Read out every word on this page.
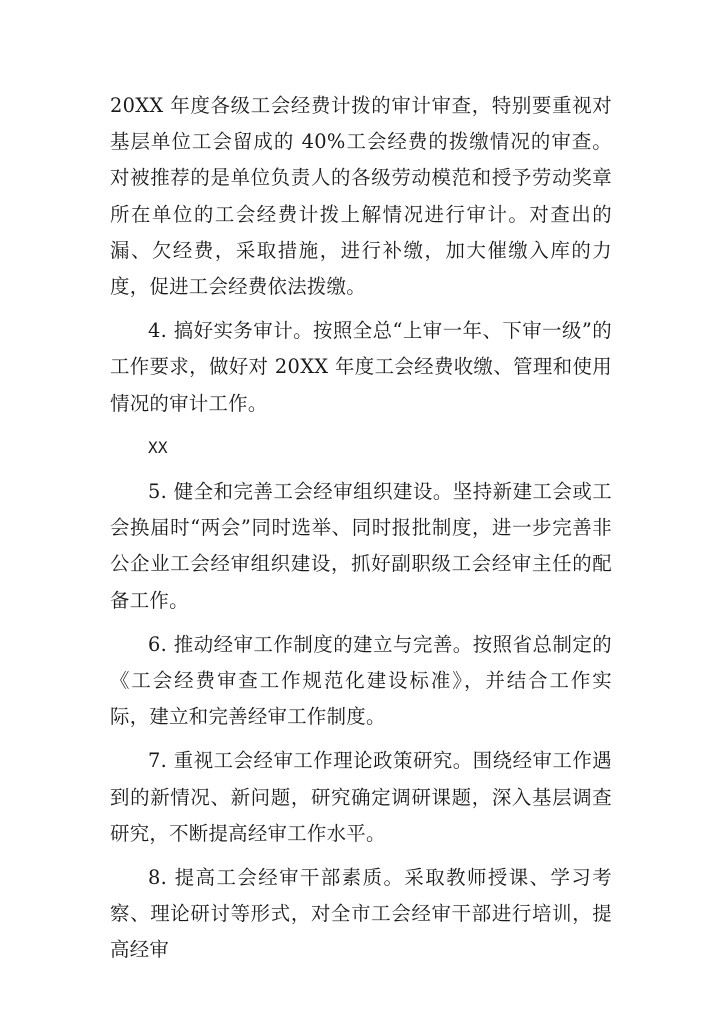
20XX 年度各级工会经费计拨的审计审查，特别要重视对基层单位工会留成的 40%工会经费的拨缴情况的审查。对被推荐的是单位负责人的各级劳动模范和授予劳动奖章所在单位的工会经费计拨上解情况进行审计。对查出的漏、欠经费，采取措施，进行补缴，加大催缴入库的力度，促进工会经费依法拨缴。

4. 搞好实务审计。按照全总“上审一年、下审一级”的工作要求，做好对 20XX 年度工会经费收缴、管理和使用情况的审计工作。

XX

5. 健全和完善工会经审组织建设。坚持新建工会或工会换届时“两会”同时选举、同时报批制度，进一步完善非公企业工会经审组织建设，抓好副职级工会经审主任的配备工作。

6. 推动经审工作制度的建立与完善。按照省总制定的《工会经费审查工作规范化建设标准》，并结合工作实际，建立和完善经审工作制度。

7. 重视工会经审工作理论政策研究。围绕经审工作遇到的新情况、新问题，研究确定调研课题，深入基层调查研究，不断提高经审工作水平。

8. 提高工会经审干部素质。采取教师授课、学习考察、理论研讨等形式，对全市工会经审干部进行培训，提高经审
